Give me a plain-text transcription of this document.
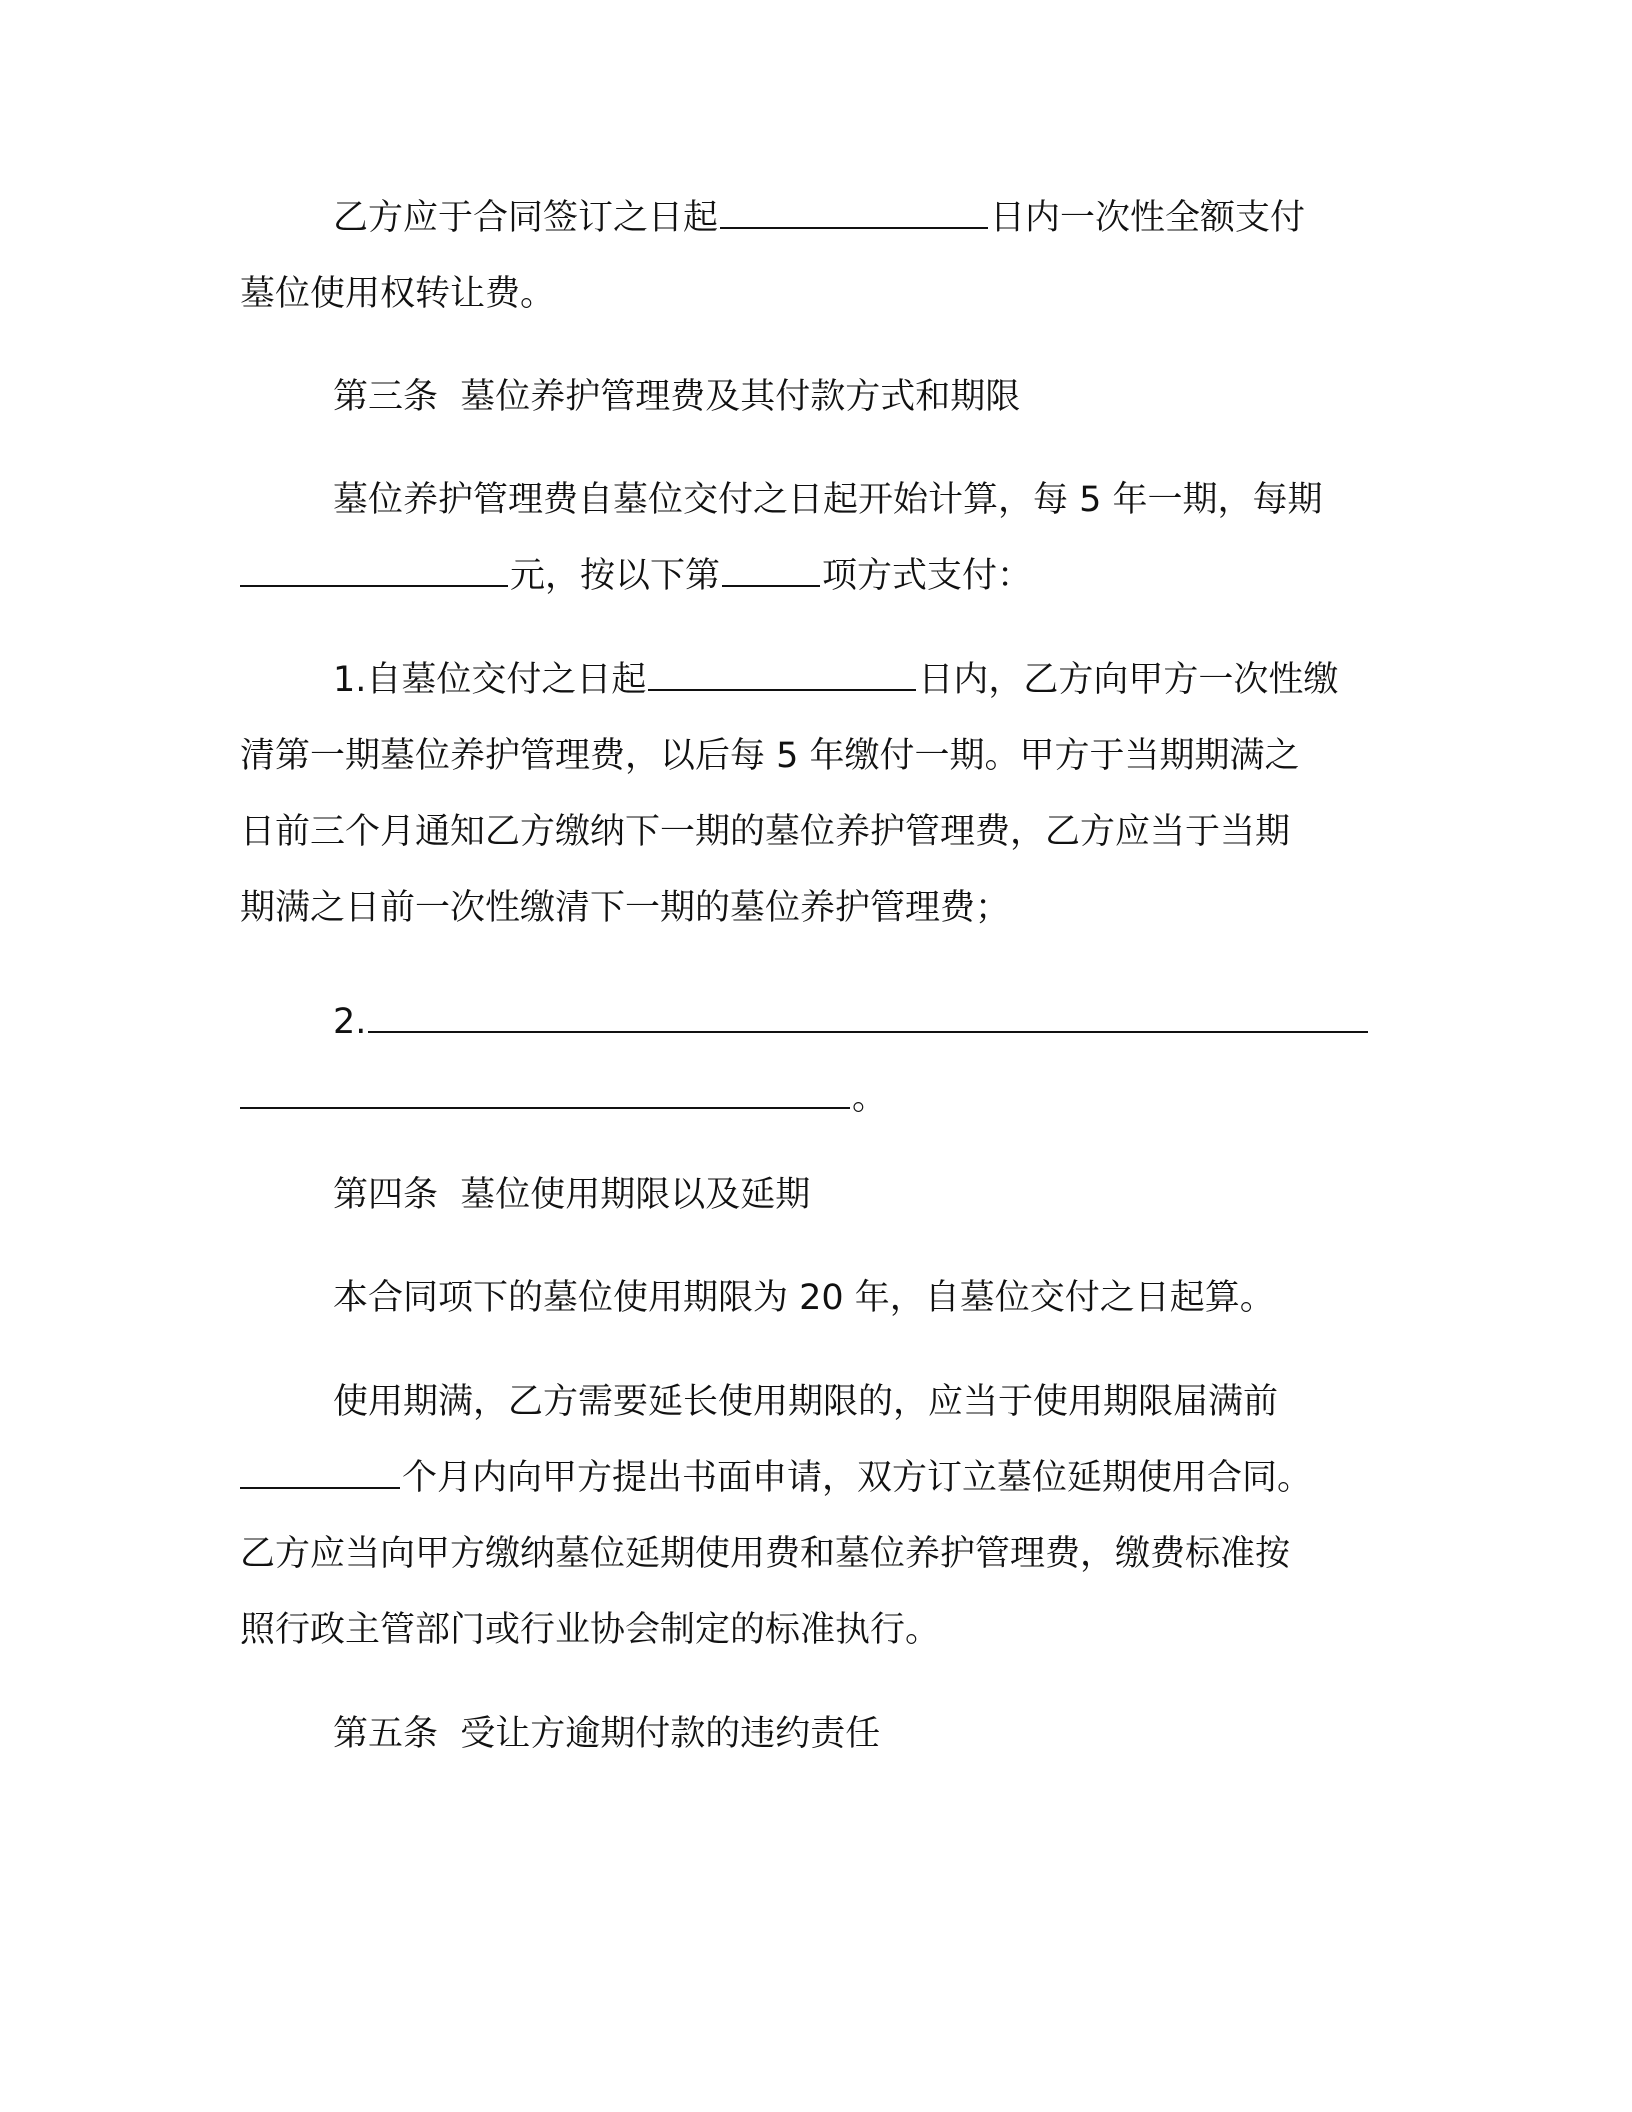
乙方应于合同签订之日起	日内一次性全额支付
墓位使用权转让费。
第三条  墓位养护管理费及其付款方式和期限
墓位养护管理费自墓位交付之日起开始计算，每 5 年一期，每期
元，按以下第	项方式支付：
1.自墓位交付之日起	日内，乙方向甲方一次性缴
清第一期墓位养护管理费，以后每 5 年缴付一期。甲方于当期期满之
日前三个月通知乙方缴纳下一期的墓位养护管理费，乙方应当于当期
期满之日前一次性缴清下一期的墓位养护管理费；
2.
。
第四条  墓位使用期限以及延期
本合同项下的墓位使用期限为 20 年，自墓位交付之日起算。
使用期满，乙方需要延长使用期限的，应当于使用期限届满前
个月内向甲方提出书面申请，双方订立墓位延期使用合同。
乙方应当向甲方缴纳墓位延期使用费和墓位养护管理费，缴费标准按
照行政主管部门或行业协会制定的标准执行。
第五条  受让方逾期付款的违约责任
